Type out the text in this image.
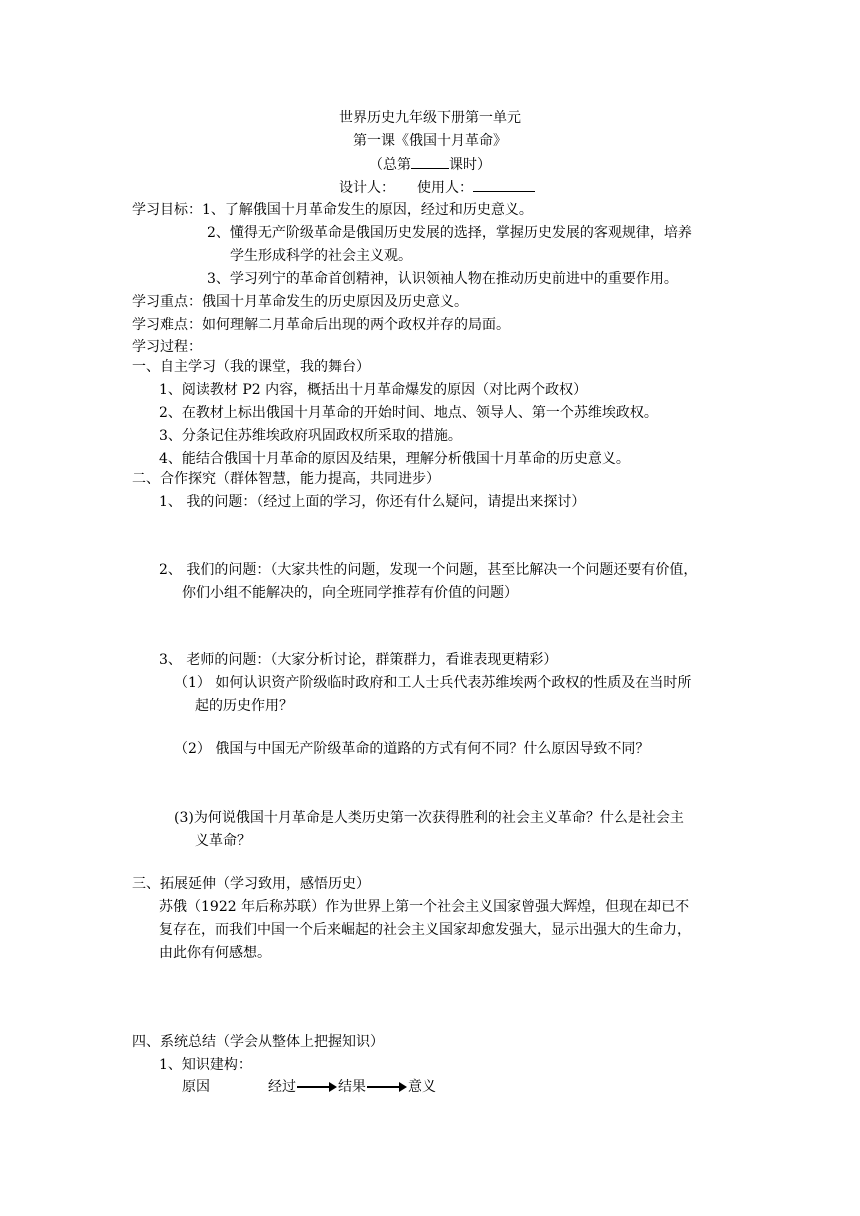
世界历史九年级下册第一单元

第一课《俄国十月革命》

（总第	课时）

设计人： 使用人：

学习目标：1、了解俄国十月革命发生的原因，经过和历史意义。

2、懂得无产阶级革命是俄国历史发展的选择，掌握历史发展的客观规律，培养

学生形成科学的社会主义观。

3、学习列宁的革命首创精神，认识领袖人物在推动历史前进中的重要作用。

学习重点：俄国十月革命发生的历史原因及历史意义。

学习难点：如何理解二月革命后出现的两个政权并存的局面。

学习过程：

一、自主学习（我的课堂，我的舞台）

1、阅读教材 P2 内容，概括出十月革命爆发的原因（对比两个政权）

2、在教材上标出俄国十月革命的开始时间、地点、领导人、第一个苏维埃政权。

3、分条记住苏维埃政府巩固政权所采取的措施。

4、能结合俄国十月革命的原因及结果，理解分析俄国十月革命的历史意义。

二、合作探究（群体智慧，能力提高，共同进步）

1、 我的问题：（经过上面的学习，你还有什么疑问，请提出来探讨）

2、 我们的问题：（大家共性的问题，发现一个问题，甚至比解决一个问题还要有价值，

你们小组不能解决的，向全班同学推荐有价值的问题）

3、 老师的问题：（大家分析讨论，群策群力，看谁表现更精彩）

（1） 如何认识资产阶级临时政府和工人士兵代表苏维埃两个政权的性质及在当时所

起的历史作用？

（2） 俄国与中国无产阶级革命的道路的方式有何不同？什么原因导致不同？

(3)为何说俄国十月革命是人类历史第一次获得胜利的社会主义革命？什么是社会主

义革命？

三、拓展延伸（学习致用，感悟历史）

苏俄（1922 年后称苏联）作为世界上第一个社会主义国家曾强大辉煌，但现在却已不

复存在，而我们中国一个后来崛起的社会主义国家却愈发强大，显示出强大的生命力，

由此你有何感想。

四、系统总结（学会从整体上把握知识）

1、知识建构：

原因	经过	结果	意义
